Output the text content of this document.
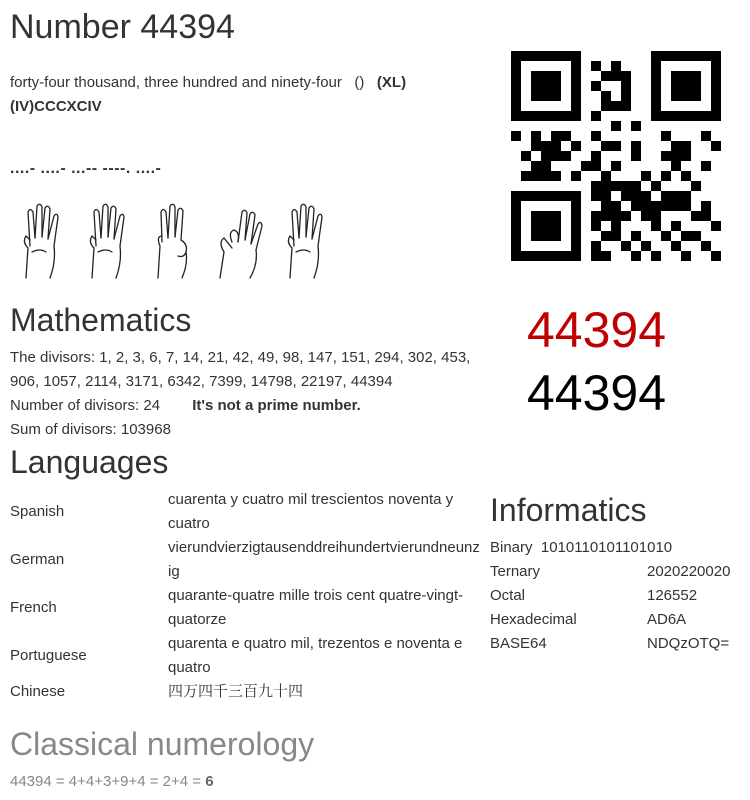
Number 44394
forty-four thousand, three hundred and ninety-four () (XL)(IV)CCCXCIV
....- ....- ...-- ----. ....-
Mathematics
The divisors: 1, 2, 3, 6, 7, 14, 21, 42, 49, 98, 147, 151, 294, 302, 453, 906, 1057, 2114, 3171, 6342, 7399, 14798, 22197, 44394
Number of divisors: 24 It's not a prime number.
Sum of divisors: 103968
44394
44394
Languages
Spanish	cuarenta y cuatro mil trescientos noventa y cuatro
German	vierundvierzigtausenddreihundertvierundneunzig
French	quarante-quatre mille trois cent quatre-vingt-quatorze
Portuguese	quarenta e quatro mil, trezentos e noventa e quatro
Chinese	四万四千三百九十四
Informatics
Binary 1010110101101010	
Ternary	2020220020
Octal	126552
Hexadecimal	AD6A
BASE64	NDQzOTQ=
Classical numerology
44394 = 4+4+3+9+4 = 2+4 = 6
